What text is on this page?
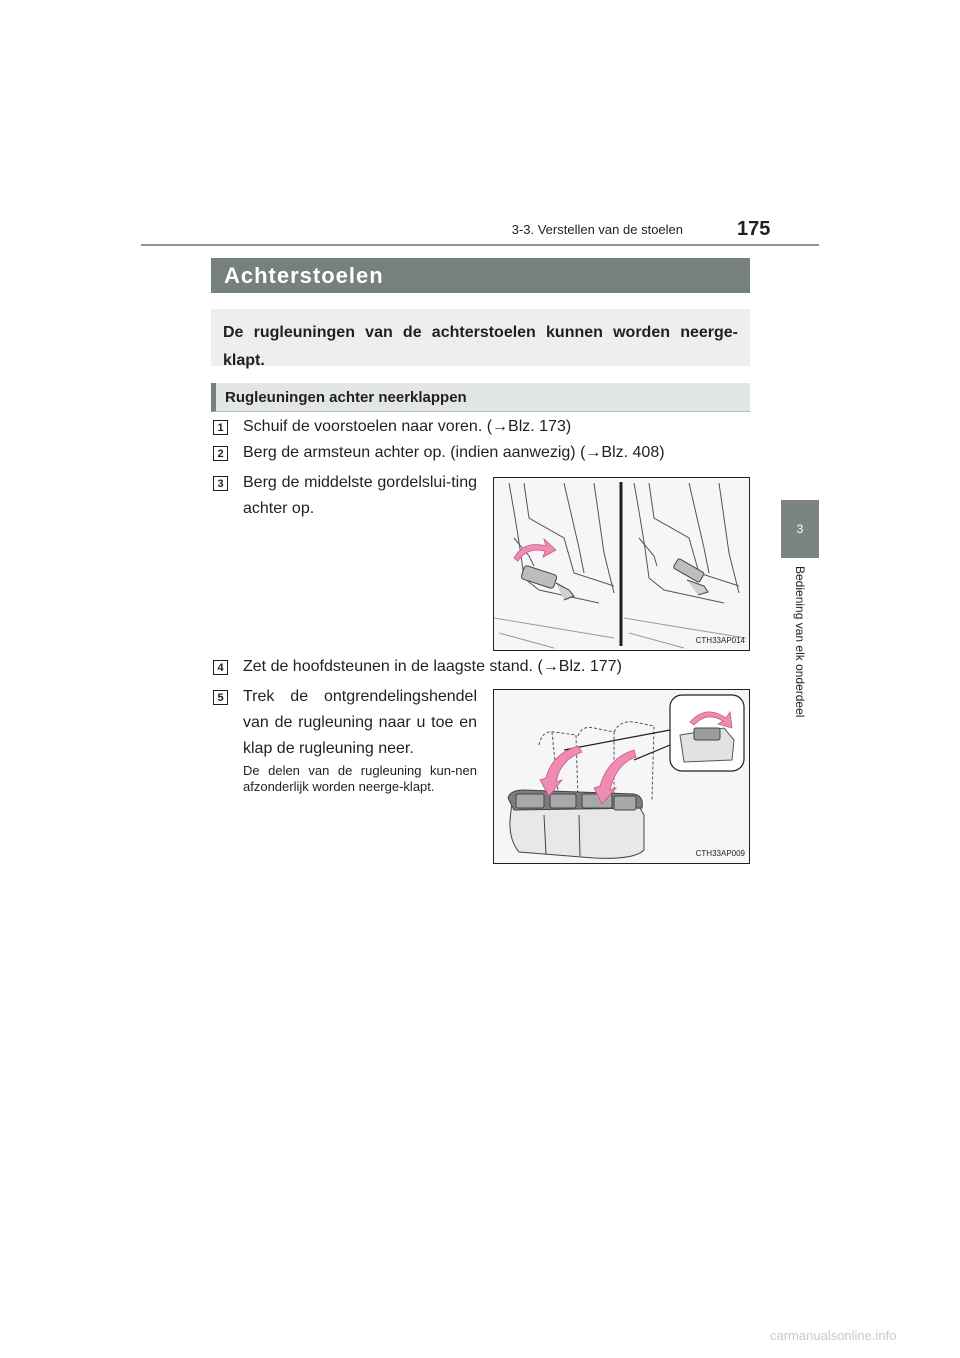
3-3. Verstellen van de stoelen	175
3
Bediening van elk onderdeel
Achterstoelen
De rugleuningen van de achterstoelen kunnen worden neerge-klapt.
Rugleuningen achter neerklappen
1 Schuif de voorstoelen naar voren. (→Blz. 173)
2 Berg de armsteun achter op. (indien aanwezig) (→Blz. 408)
3 Berg de middelste gordelslui-ting achter op.
CTH33AP014
4 Zet de hoofdsteunen in de laagste stand. (→Blz. 177)
5 Trek de ontgrendelingshendel van de rugleuning naar u toe en klap de rugleuning neer.
De delen van de rugleuning kun-nen afzonderlijk worden neerge-klapt.
CTH33AP009
carmanualsonline.info
